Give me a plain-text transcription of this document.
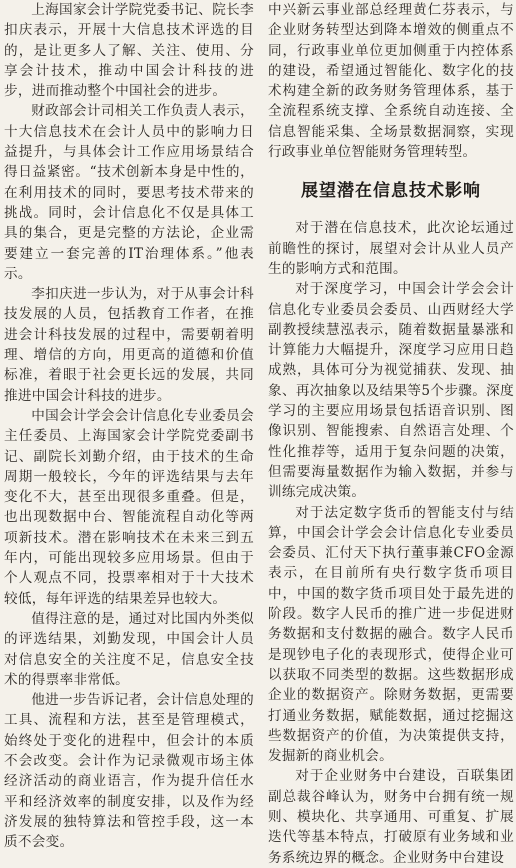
上海国家会计学院党委书记、院长李扣庆表示，开展十大信息技术评选的目的，是让更多人了解、关注、使用、分享会计技术，推动中国会计科技的进步，进而推动整个中国社会的进步。

财政部会计司相关工作负责人表示，十大信息技术在会计人员中的影响力日益提升，与具体会计工作应用场景结合得日益紧密。“技术创新本身是中性的，在利用技术的同时，要思考技术带来的挑战。同时，会计信息化不仅是具体工具的集合，更是完整的方法论，企业需要建立一套完善的IT治理体系。”他表示。

李扣庆进一步认为，对于从事会计科技发展的人员，包括教育工作者，在推进会计科技发展的过程中，需要朝着明理、增信的方向，用更高的道德和价值标准，着眼于社会更长远的发展，共同推进中国会计科技的进步。

中国会计学会会计信息化专业委员会主任委员、上海国家会计学院党委副书记、副院长刘勤介绍，由于技术的生命周期一般较长，今年的评选结果与去年变化不大，甚至出现很多重叠。但是，也出现数据中台、智能流程自动化等两项新技术。潜在影响技术在未来三到五年内，可能出现较多应用场景。但由于个人观点不同，投票率相对于十大技术较低，每年评选的结果差异也较大。

值得注意的是，通过对比国内外类似的评选结果，刘勤发现，中国会计人员对信息安全的关注度不足，信息安全技术的得票率非常低。

他进一步告诉记者，会计信息处理的工具、流程和方法，甚至是管理模式，始终处于变化的进程中，但会计的本质不会改变。会计作为记录微观市场主体经济活动的商业语言，作为提升信任水平和经济效率的制度安排，以及作为经济发展的独特算法和管控手段，这一本质不会变。

中兴新云事业部总经理黄仁芬表示，与企业财务转型达到降本增效的侧重点不同，行政事业单位更加侧重于内控体系的建设，希望通过智能化、数字化的技术构建全新的政务财务管理体系，基于全流程系统支撑、全系统自动连接、全信息智能采集、全场景数据洞察，实现行政事业单位智能财务管理转型。

展望潜在信息技术影响

对于潜在信息技术，此次论坛通过前瞻性的探讨，展望对会计从业人员产生的影响方式和范围。

对于深度学习，中国会计学会会计信息化专业委员会委员、山西财经大学副教授续慧泓表示，随着数据量暴涨和计算能力大幅提升，深度学习应用日趋成熟，具体可分为视觉捕获、发现、抽象、再次抽象以及结果等5个步骤。深度学习的主要应用场景包括语音识别、图像识别、智能搜索、自然语言处理、个性化推荐等，适用于复杂问题的决策，但需要海量数据作为输入数据，并参与训练完成决策。

对于法定数字货币的智能支付与结算，中国会计学会会计信息化专业委员会委员、汇付天下执行董事兼CFO金源表示，在目前所有央行数字货币项目中，中国的数字货币项目处于最先进的阶段。数字人民币的推广进一步促进财务数据和支付数据的融合。数字人民币是现钞电子化的表现形式，使得企业可以获取不同类型的数据。这些数据形成企业的数据资产。除财务数据，更需要打通业务数据，赋能数据，通过挖掘这些数据资产的价值，为决策提供支持，发掘新的商业机会。

对于企业财务中台建设，百联集团副总裁谷峰认为，财务中台拥有统一规则、模块化、共享通用、可重复、扩展迭代等基本特点，打破原有业务域和业务系统边界的概念。企业财务中台建设
